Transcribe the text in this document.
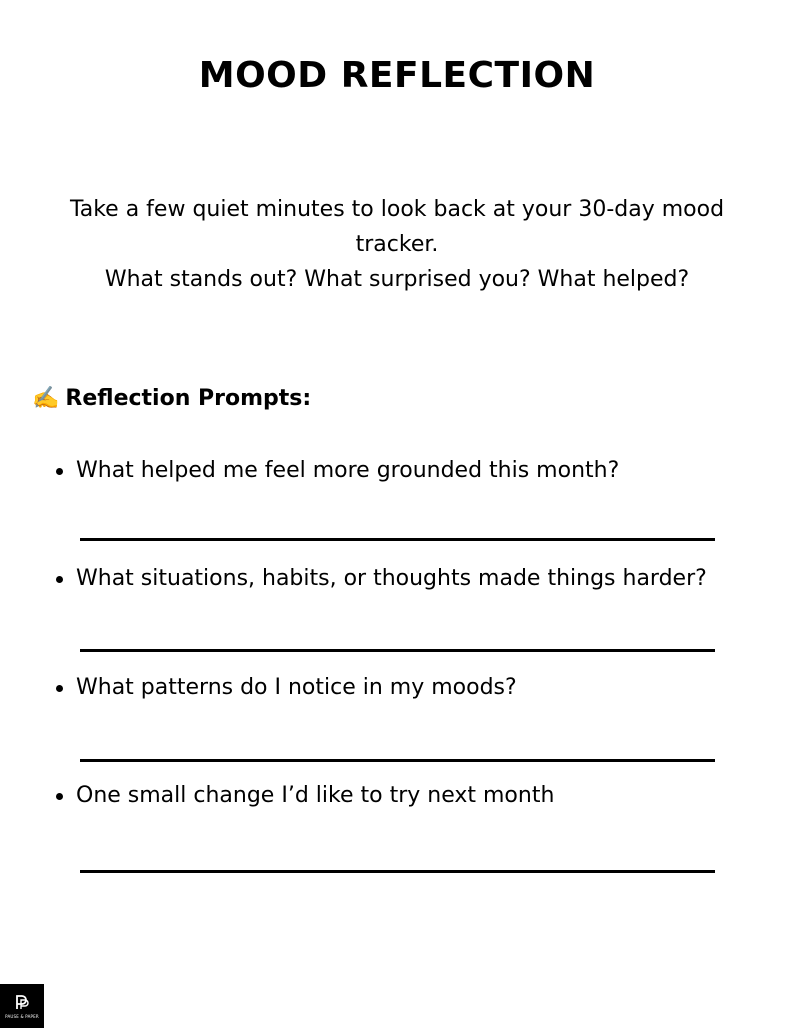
MOOD REFLECTION
Take a few quiet minutes to look back at your 30-day mood tracker.
What stands out? What surprised you? What helped?
✍️ Reflection Prompts:
What helped me feel more grounded this month?
What situations, habits, or thoughts made things harder?
What patterns do I notice in my moods?
One small change I’d like to try next month
PAUSE & PAPER
